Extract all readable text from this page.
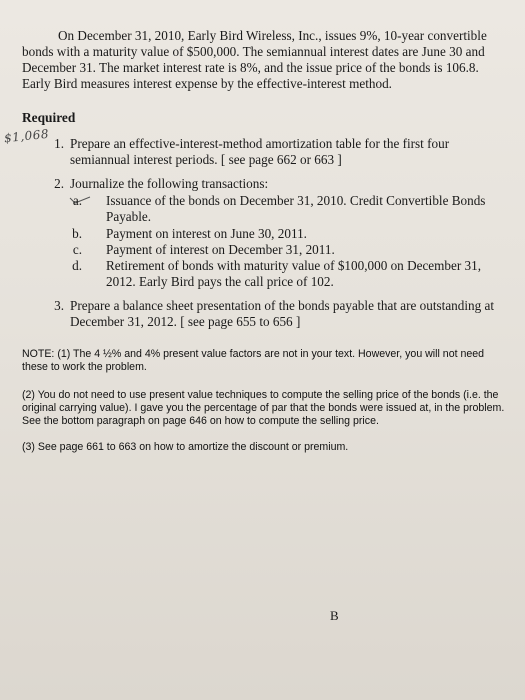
On December 31, 2010, Early Bird Wireless, Inc., issues 9%, 10-year convertible bonds with a maturity value of $500,000. The semiannual interest dates are June 30 and December 31. The market interest rate is 8%, and the issue price of the bonds is 106.8. Early Bird measures interest expense by the effective-interest method.
Required
$1,068 1. Prepare an effective-interest-method amortization table for the first four semiannual interest periods. [ see page 662 or 663 ]
2. Journalize the following transactions:
a. Issuance of the bonds on December 31, 2010. Credit Convertible Bonds Payable.
b. Payment on interest on June 30, 2011.
c. Payment of interest on December 31, 2011.
d. Retirement of bonds with maturity value of $100,000 on December 31, 2012. Early Bird pays the call price of 102.
3. Prepare a balance sheet presentation of the bonds payable that are outstanding at December 31, 2012. [ see page 655 to 656 ]
NOTE: (1) The 4 ½% and 4% present value factors are not in your text. However, you will not need these to work the problem.
(2) You do not need to use present value techniques to compute the selling price of the bonds (i.e. the original carrying value). I gave you the percentage of par that the bonds were issued at, in the problem. See the bottom paragraph on page 646 on how to compute the selling price.
(3) See page 661 to 663 on how to amortize the discount or premium.
B
